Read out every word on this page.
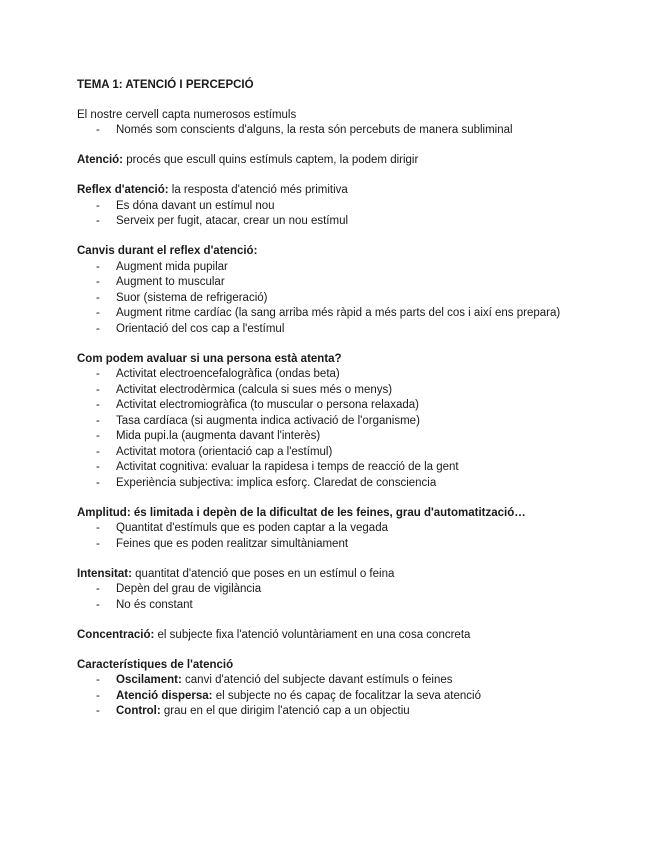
TEMA 1: ATENCIÓ I PERCEPCIÓ
El nostre cervell capta numerosos estímuls
- Només som conscients d'alguns, la resta són percebuts de manera subliminal
Atenció: procés que escull quins estímuls captem, la podem dirigir
Reflex d'atenció: la resposta d'atenció més primitiva
- Es dóna davant un estímul nou
- Serveix per fugit, atacar, crear un nou estímul
Canvis durant el reflex d'atenció:
- Augment mida pupilar
- Augment to muscular
- Suor (sistema de refrigeració)
- Augment ritme cardíac (la sang arriba més ràpid a més parts del cos i així ens prepara)
- Orientació del cos cap a l'estímul
Com podem avaluar si una persona està atenta?
- Activitat electroencefalogràfica (ondas beta)
- Activitat electrodèrmica (calcula si sues més o menys)
- Activitat electromiogràfica (to muscular o persona relaxada)
- Tasa cardíaca (si augmenta indica activació de l'organisme)
- Mida pupi.la (augmenta davant l'interès)
- Activitat motora (orientació cap a l'estímul)
- Activitat cognitiva: evaluar la rapidesa i temps de reacció de la gent
- Experiència subjectiva: implica esforç. Claredat de consciencia
Amplitud: és limitada i depèn de la dificultat de les feines, grau d'automatització…
- Quantitat d'estímuls que es poden captar a la vegada
- Feines que es poden realitzar simultàniament
Intensitat: quantitat d'atenció que poses en un estímul o feina
- Depèn del grau de vigilància
- No és constant
Concentració: el subjecte fixa l'atenció voluntàriament en una cosa concreta
Característiques de l'atenció
- Oscilament: canvi d'atenció del subjecte davant estímuls o feines
- Atenció dispersa: el subjecte no és capaç de focalitzar la seva atenció
- Control: grau en el que dirigim l'atenció cap a un objectiu
